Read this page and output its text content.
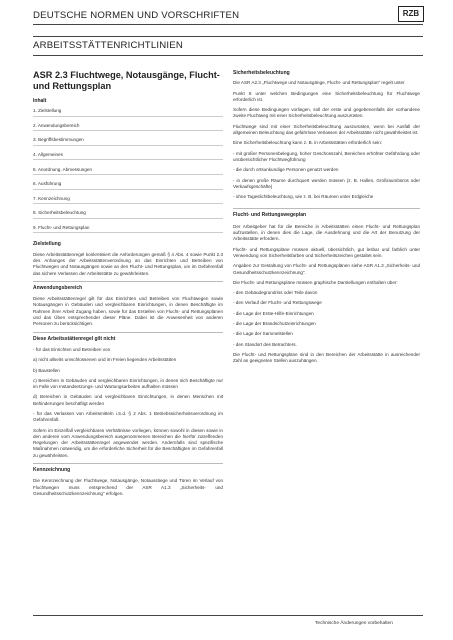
DEUTSCHE NORMEN UND VORSCHRIFTEN	RZB
ARBEITSSTÄTTENRICHTLINIEN
ASR 2.3 Fluchtwege, Notausgänge, Flucht- und Rettungsplan
Inhalt
1. Zielstellung
2. Anwendungsbereich
3. Begriffsbestimmungen
4. Allgemeines
5. Anordnung, Abmessungen
6. Ausführung
7. Kennzeichnung
8. Sicherheitsbeleuchtung
9. Flucht- und Rettungsplan
Zielstellung

Diese Arbeitsstättenregel konkretisiert die Anforderungen gemäß § 4 Abs. 4 sowie Punkt 2.3 des Anhanges der Arbeitsstättenverordnung an das Einrichten und Betreiben von Fluchtwegen und Notausgängen sowie an den Flucht- und Rettungsplan, um im Gefahrenfall das sichere Verlassen der Arbeitsstätte zu gewährleisten.

Anwendungsbereich

Diese Arbeitsstättenregel gilt für das Einrichten und Betreiben von Fluchtwegen sowie Notausgängen in Gebäuden und vergleichbaren Einrichtungen, in denen Beschäftigte im Rahmen ihrer Arbeit Zugang haben, sowie für das Erstellen von Flucht- und Rettungsplänen und das Üben entsprechender dieser Pläne. Dabei ist die Anwesenheit von anderen Personen zu berücksichtigen.

Diese Arbeitsstättenregel gilt nicht

- für das Einrichten und Betreiben von

a) nicht allseits umschlossenen und im Freien liegenden Arbeitsstätten

b) Baustellen

c) Bereichen in Gebäuden und vergleichbaren Einrichtungen, in denen sich Beschäftigte nur im Falle von Instandsetzungs- und Wartungsarbeiten aufhalten müssen

d) Bereichen in Gebäuden und vergleichbaren Einrichtungen, in denen Menschen mit Behinderungen beschäftigt werden

- für das Verlassen von Arbeitsmitteln i.S.d. § 2 Abs. 1 Betriebssicherheitsverordnung im Gefahrenfall.

Sofern im Einzelfall vergleichbares Verhältnisse vorliegen, können sowohl in diesen sowie in den anderen vom Anwendungsbereich ausgenommenen Bereichen die hierfür zutreffenden Regelungen der Arbeitsstättenregel angewendet werden. Andernfalls sind spezifische Maßnahmen notwendig, um die erforderliche Sicherheit für die Beschäftigten im Gefahrenfall zu gewährleisten.

Kennzeichnung

Die Kennzeichnung der Fluchtwege, Notausgänge, Notausstiege und Türen im Verlauf von Fluchtwegen muss entsprechend der ASR A1.3 „Sicherheits- und Gesundheitsschutzkennzeichnung“ erfolgen.

Sicherheitsbeleuchtung

Die ASR A2.3 „Fluchtwege und Notausgänge, Flucht- und Rettungsplan“ regelt unter

Punkt 8 unter welchen Bedingungen eine Sicherheitsbeleuchtung für Fluchtwege erforderlich ist.

Sofern diese Bedingungen vorliegen, soll der erste und gegebenenfalls der vorhandene zweite Fluchtweg mit einer Sicherheitsbeleuchtung auszurüsten.

Fluchtwege sind mit einer Sicherheitsbeleuchtung auszurüsten, wenn bei Ausfall der allgemeinen Beleuchtung das gefahrlose Verlassen der Arbeitsstätte nicht gewährleistet ist.

Eine Sicherheitsbeleuchtung kann z. B. in Arbeitsstätten erforderlich sein:

- mit großer Personenbelegung, hoher Geschosszahl, Bereichen erhöhter Gefährdung oder unübersichtlicher Fluchtwegführung

- die durch ortsunkundige Personen genutzt werden

- in denen große Räume durchquert werden müssen (z. B. Hallen, Großraumbüros oder Verkaufsgeschäfte)

- ohne Tageslichtbeleuchtung, wie z. B. bei Räumen unter Erdgleiche

Flucht- und Rettungswegeplan

Der Arbeitgeber hat für die Bereiche in Arbeitsstätten einen Flucht- und Rettungsplan aufzustellen, in denen dies die Lage, die Ausdehnung und die Art der Benutzung der Arbeitsstätte erfordern.

Flucht- und Rettungspläne müssen aktuell, übersichtlich, gut lesbar und farblich unter Verwendung von Sicherheitsfarben und Sicherheitszeichen gestaltet sein.

Angaben zur Gestaltung von Flucht- und Rettungsplänen siehe ASR A1.3 „Sicherheits- und Gesundheitsschutzkennzeichnung“.

Die Flucht- und Rettungspläne müssen graphische Darstellungen enthalten über:

- den Gebäudegrundriss oder Teile davon

- den Verlauf der Flucht- und Rettungswege

- die Lage der Erste-Hilfe-Einrichtungen

- die Lage der Brandschutzeinrichtungen

- die Lage der Sammelstellen

- den Standort des Betrachters.

Die Flucht- und Rettungspläne sind in den Bereichen der Arbeitsstätte in ausreichender Zahl an geeigneten Stellen auszuhängen.

Technische Änderungen vorbehalten
